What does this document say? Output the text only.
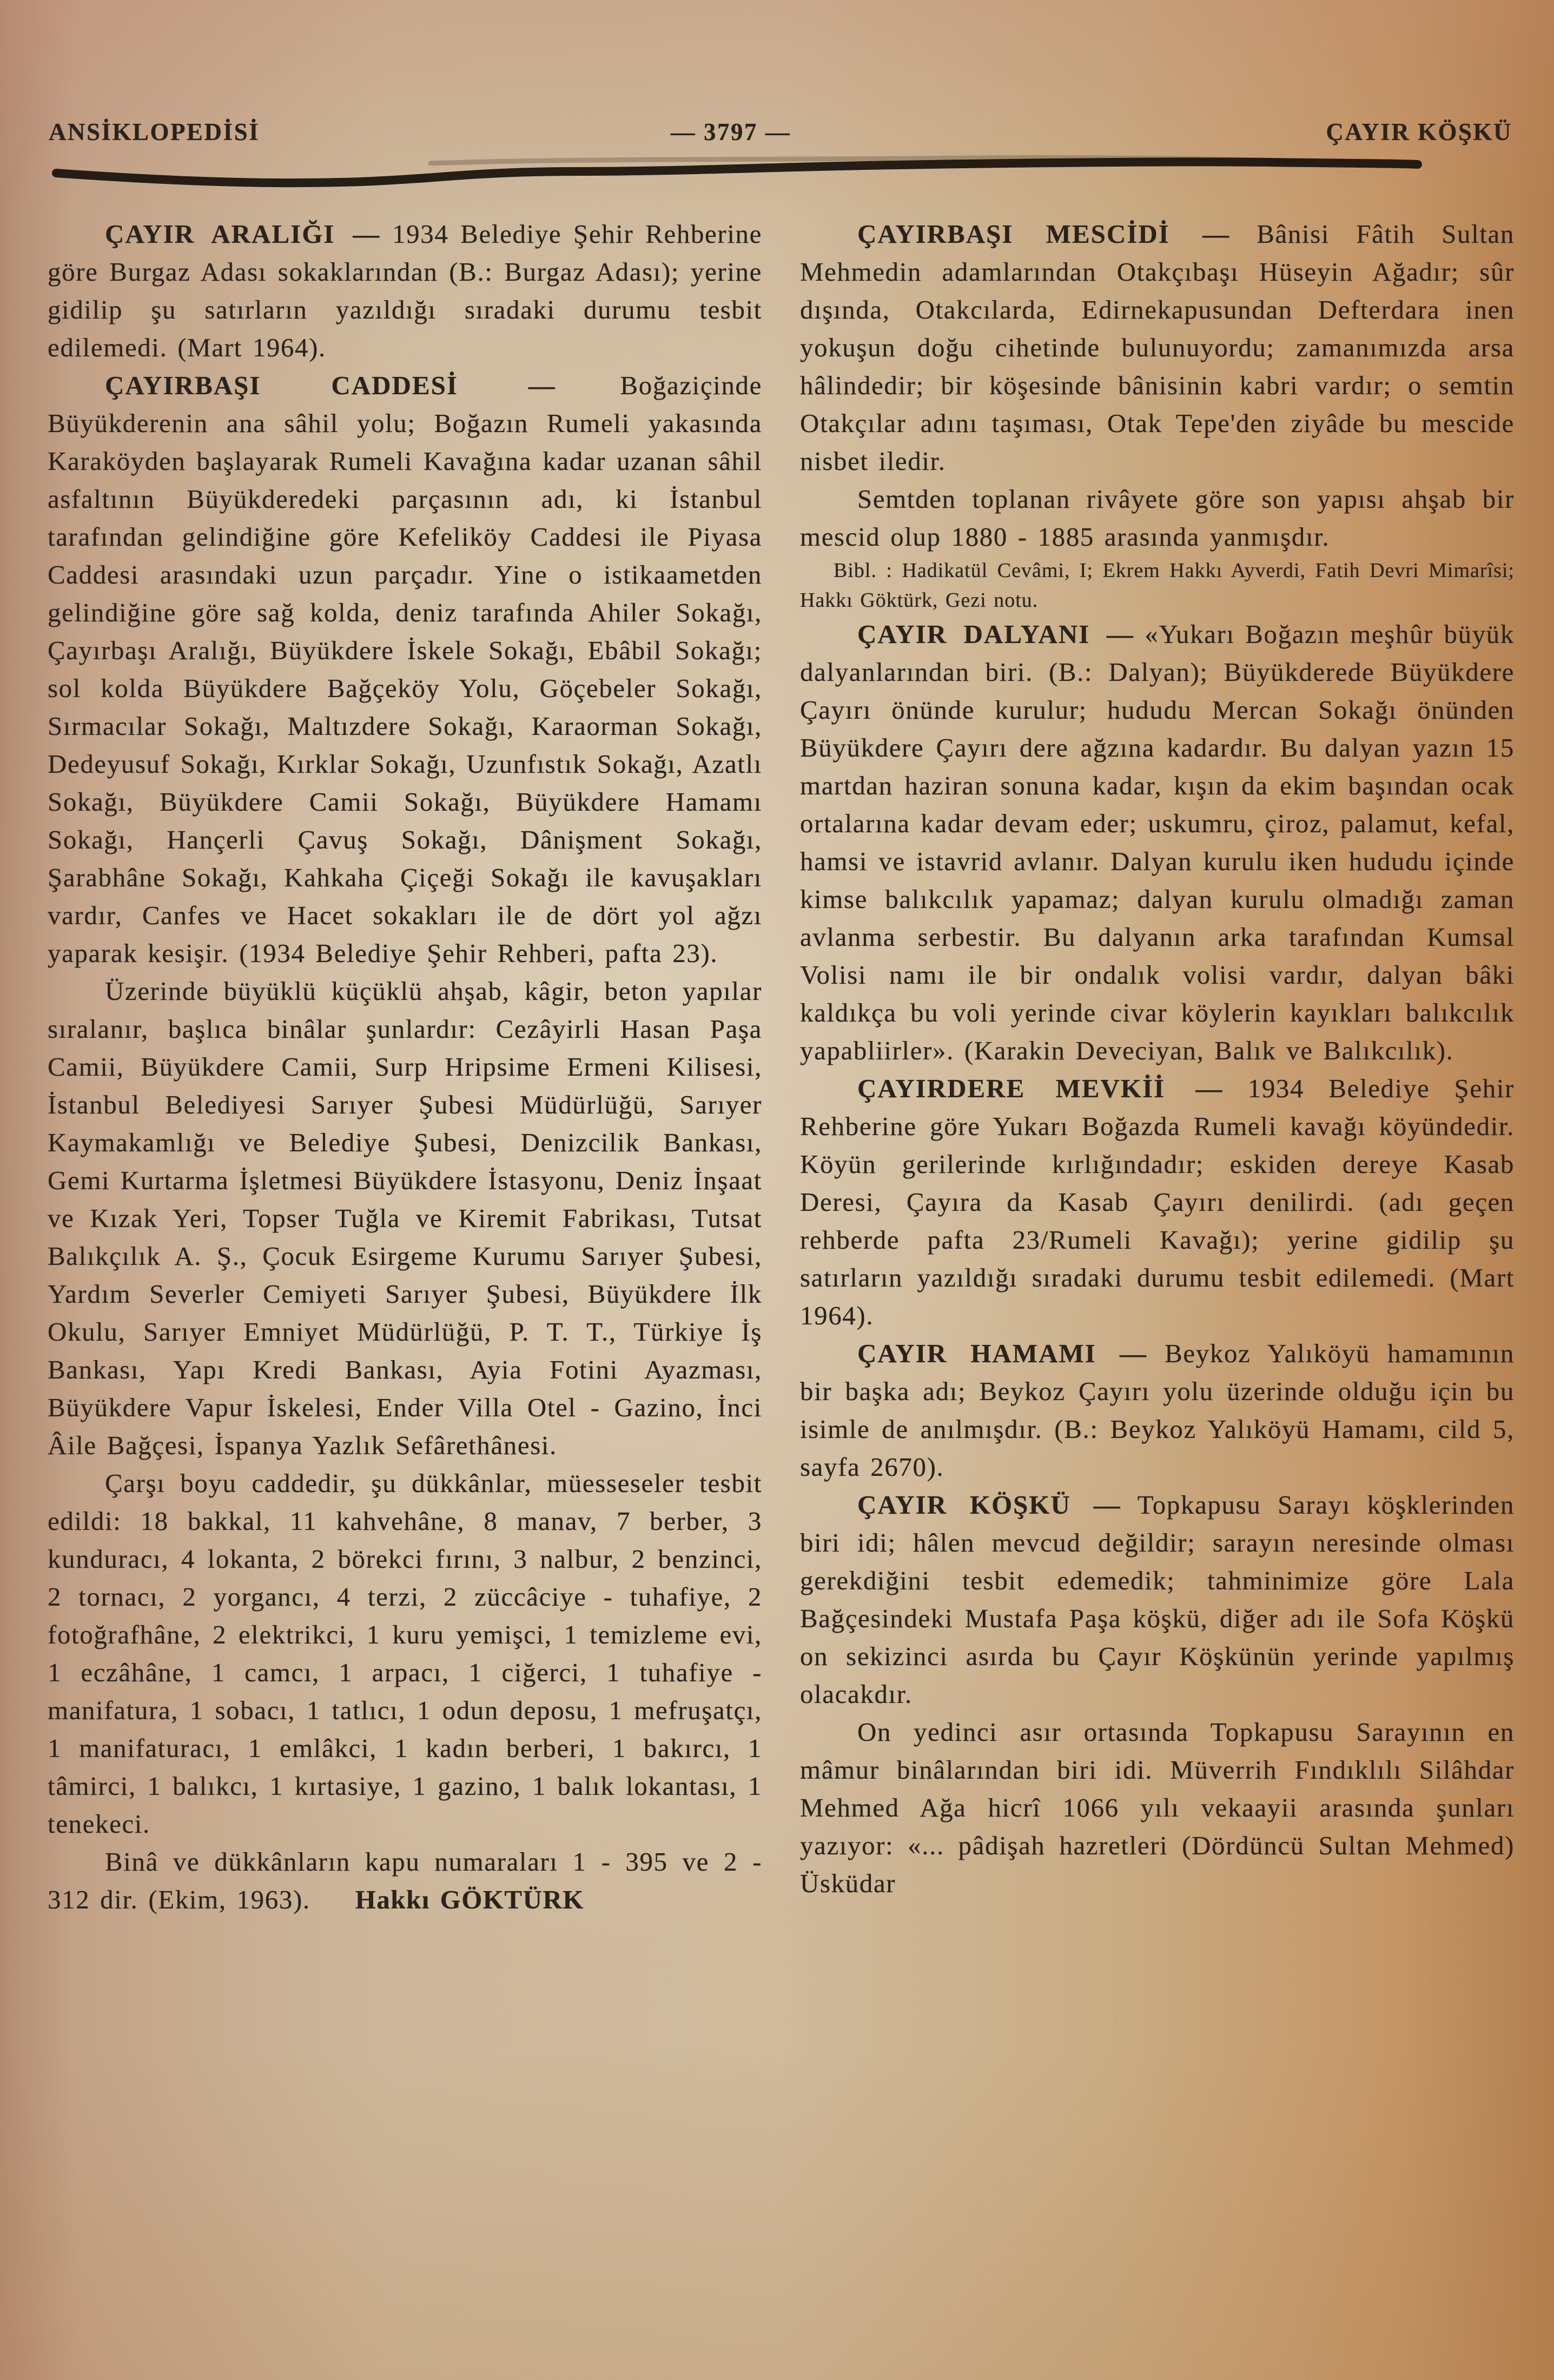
ANSİKLOPEDİSİ	— 3797 —	ÇAYIR KÖŞKÜ

ÇAYIR ARALIĞI — 1934 Belediye Şehir Rehberine göre Burgaz Adası sokaklarından (B.: Burgaz Adası); yerine gidilip şu satırların yazıldığı sıradaki durumu tesbit edilemedi. (Mart 1964).

ÇAYIRBAŞI CADDESİ — Boğaziçinde Büyükderenin ana sâhil yolu; Boğazın Rumeli yakasında Karaköyden başlayarak Rumeli Kavağına kadar uzanan sâhil asfaltının Büyükderedeki parçasının adı, ki İstanbul tarafından gelindiğine göre Kefeliköy Caddesi ile Piyasa Caddesi arasındaki uzun parçadır. Yine o istikaametden gelindiğine göre sağ kolda, deniz tarafında Ahiler Sokağı, Çayırbaşı Aralığı, Büyükdere İskele Sokağı, Ebâbil Sokağı; sol kolda Büyükdere Bağçeköy Yolu, Göçebeler Sokağı, Sırmacılar Sokağı, Maltızdere Sokağı, Karaorman Sokağı, Dedeyusuf Sokağı, Kırklar Sokağı, Uzunfıstık Sokağı, Azatlı Sokağı, Büyükdere Camii Sokağı, Büyükdere Hamamı Sokağı, Hançerli Çavuş Sokağı, Dânişment Sokağı, Şarabhâne Sokağı, Kahkaha Çiçeği Sokağı ile kavuşakları vardır, Canfes ve Hacet sokakları ile de dört yol ağzı yaparak kesişir. (1934 Belediye Şehir Rehberi, pafta 23).

Üzerinde büyüklü küçüklü ahşab, kâgir, beton yapılar sıralanır, başlıca binâlar şunlardır: Cezâyirli Hasan Paşa Camii, Büyükdere Camii, Surp Hripsime Ermeni Kilisesi, İstanbul Belediyesi Sarıyer Şubesi Müdürlüğü, Sarıyer Kaymakamlığı ve Belediye Şubesi, Denizcilik Bankası, Gemi Kurtarma İşletmesi Büyükdere İstasyonu, Deniz İnşaat ve Kızak Yeri, Topser Tuğla ve Kiremit Fabrikası, Tutsat Balıkçılık A. Ş., Çocuk Esirgeme Kurumu Sarıyer Şubesi, Yardım Severler Cemiyeti Sarıyer Şubesi, Büyükdere İlk Okulu, Sarıyer Emniyet Müdürlüğü, P. T. T., Türkiye İş Bankası, Yapı Kredi Bankası, Ayia Fotini Ayazması, Büyükdere Vapur İskelesi, Ender Villa Otel - Gazino, İnci Âile Bağçesi, İspanya Yazlık Sefârethânesi.

Çarşı boyu caddedir, şu dükkânlar, müesseseler tesbit edildi: 18 bakkal, 11 kahvehâne, 8 manav, 7 berber, 3 kunduracı, 4 lokanta, 2 börekci fırını, 3 nalbur, 2 benzinci, 2 tornacı, 2 yorgancı, 4 terzi, 2 züccâciye - tuhafiye, 2 fotoğrafhâne, 2 elektrikci, 1 kuru yemişci, 1 temizleme evi, 1 eczâhâne, 1 camcı, 1 arpacı, 1 ciğerci, 1 tuhafiye - manifatura, 1 sobacı, 1 tatlıcı, 1 odun deposu, 1 mefruşatçı, 1 manifaturacı, 1 emlâkci, 1 kadın berberi, 1 bakırcı, 1 tâmirci, 1 balıkcı, 1 kırtasiye, 1 gazino, 1 balık lokantası, 1 tenekeci.

Binâ ve dükkânların kapu numaraları 1 - 395 ve 2 - 312 dir. (Ekim, 1963). Hakkı GÖKTÜRK

ÇAYIRBAŞI MESCİDİ — Bânisi Fâtih Sultan Mehmedin adamlarından Otakçıbaşı Hüseyin Ağadır; sûr dışında, Otakcılarda, Edirnekapusundan Defterdara inen yokuşun doğu cihetinde bulunuyordu; zamanımızda arsa hâlindedir; bir köşesinde bânisinin kabri vardır; o semtin Otakçılar adını taşıması, Otak Tepe'den ziyâde bu mescide nisbet iledir.

Semtden toplanan rivâyete göre son yapısı ahşab bir mescid olup 1880 - 1885 arasında yanmışdır.

Bibl. : Hadikatül Cevâmi, I; Ekrem Hakkı Ayverdi, Fatih Devri Mimarîsi; Hakkı Göktürk, Gezi notu.

ÇAYIR DALYANI — «Yukarı Boğazın meşhûr büyük dalyanlarından biri. (B.: Dalyan); Büyükderede Büyükdere Çayırı önünde kurulur; hududu Mercan Sokağı önünden Büyükdere Çayırı dere ağzına kadardır. Bu dalyan yazın 15 martdan haziran sonuna kadar, kışın da ekim başından ocak ortalarına kadar devam eder; uskumru, çiroz, palamut, kefal, hamsi ve istavrid avlanır. Dalyan kurulu iken hududu içinde kimse balıkcılık yapamaz; dalyan kurulu olmadığı zaman avlanma serbestir. Bu dalyanın arka tarafından Kumsal Volisi namı ile bir ondalık volisi vardır, dalyan bâki kaldıkça bu voli yerinde civar köylerin kayıkları balıkcılık yapabliirler». (Karakin Deveciyan, Balık ve Balıkcılık).

ÇAYIRDERE MEVKİİ — 1934 Belediye Şehir Rehberine göre Yukarı Boğazda Rumeli kavağı köyündedir. Köyün gerilerinde kırlığındadır; eskiden dereye Kasab Deresi, Çayıra da Kasab Çayırı denilirdi. (adı geçen rehberde pafta 23/Rumeli Kavağı); yerine gidilip şu satırların yazıldığı sıradaki durumu tesbit edilemedi. (Mart 1964).

ÇAYIR HAMAMI — Beykoz Yalıköyü hamamının bir başka adı; Beykoz Çayırı yolu üzerinde olduğu için bu isimle de anılmışdır. (B.: Beykoz Yalıköyü Hamamı, cild 5, sayfa 2670).

ÇAYIR KÖŞKÜ — Topkapusu Sarayı köşklerinden biri idi; hâlen mevcud değildir; sarayın neresinde olması gerekdiğini tesbit edemedik; tahminimize göre Lala Bağçesindeki Mustafa Paşa köşkü, diğer adı ile Sofa Köşkü on sekizinci asırda bu Çayır Köşkünün yerinde yapılmış olacakdır.

On yedinci asır ortasında Topkapusu Sarayının en mâmur binâlarından biri idi. Müverrih Fındıklılı Silâhdar Mehmed Ağa hicrî 1066 yılı vekaayii arasında şunları yazıyor: «... pâdişah hazretleri (Dördüncü Sultan Mehmed) Üsküdar
